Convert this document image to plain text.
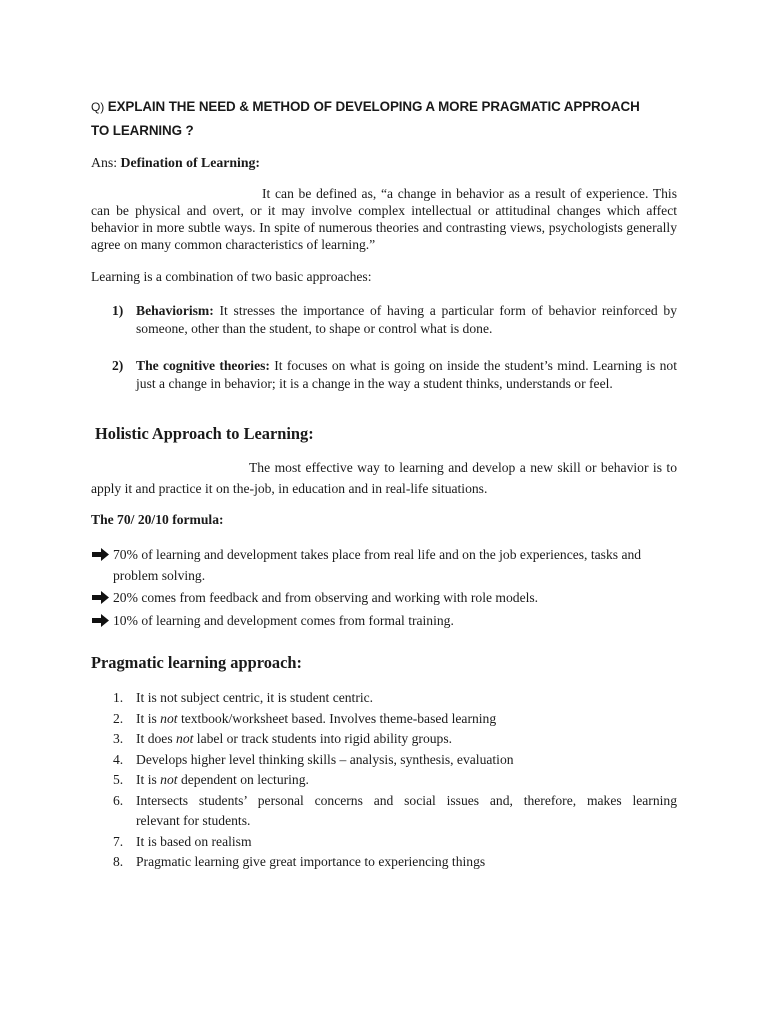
Q) EXPLAIN THE NEED & METHOD OF DEVELOPING A MORE PRAGMATIC APPROACH
TO LEARNING ?
Ans: Defination of Learning:
It can be defined as, “a change in behavior as a result of experience. This can be physical and overt, or it may involve complex intellectual or attitudinal changes which affect behavior in more subtle ways. In spite of numerous theories and contrasting views, psychologists generally agree on many common characteristics of learning.”
Learning is a combination of two basic approaches:
1) Behaviorism: It stresses the importance of having a particular form of behavior reinforced by someone, other than the student, to shape or control what is done.
2) The cognitive theories: It focuses on what is going on inside the student’s mind. Learning is not just a change in behavior; it is a change in the way a student thinks, understands or feel.
Holistic Approach to Learning:
The most effective way to learning and develop a new skill or behavior is to apply it and practice it on the-job, in education and in real-life situations.
The 70/ 20/10 formula:
70% of learning and development takes place from real life and on the job experiences, tasks and problem solving.
20% comes from feedback and from observing and working with role models.
10% of learning and development comes from formal training.
Pragmatic learning approach:
1. It is not subject centric, it is student centric.
2. It is not textbook/worksheet based. Involves theme-based learning
3. It does not label or track students into rigid ability groups.
4. Develops higher level thinking skills – analysis, synthesis, evaluation
5. It is not dependent on lecturing.
6. Intersects students’ personal concerns and social issues and, therefore, makes learning
relevant for students.
7. It is based on realism
8. Pragmatic learning give great importance to experiencing things
